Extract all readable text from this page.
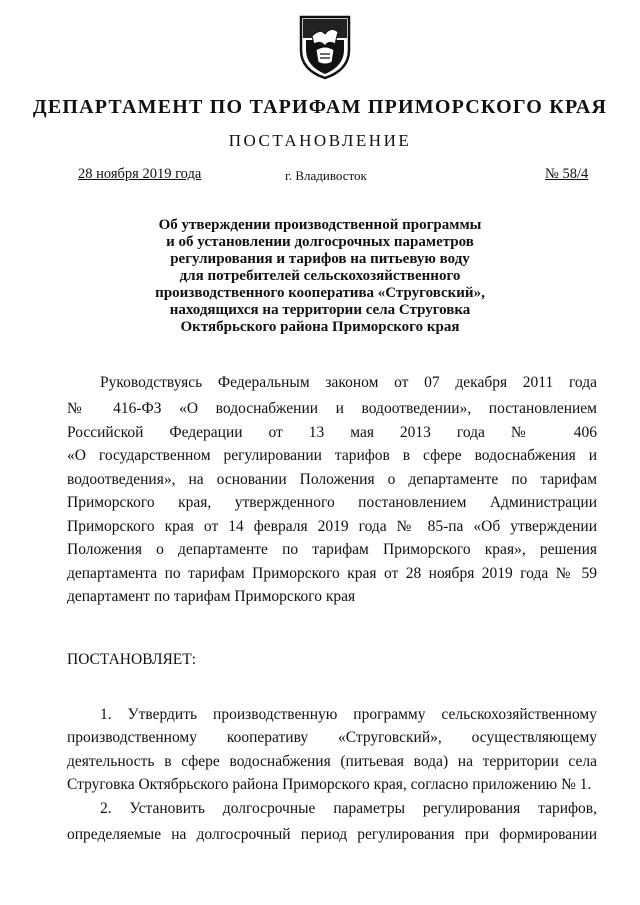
ДЕПАРТАМЕНТ ПО ТАРИФАМ ПРИМОРСКОГО КРАЯ
ПОСТАНОВЛЕНИЕ
28 ноября 2019 года	г. Владивосток	№ 58/4
Об утверждении производственной программы
и об установлении долгосрочных параметров
регулирования и тарифов на питьевую воду
для потребителей сельскохозяйственного
производственного кооператива «Струговский»,
находящихся на территории села Струговка
Октябрьского района Приморского края
Руководствуясь Федеральным законом от 07 декабря 2011 года
№ 416-ФЗ «О водоснабжении и водоотведении», постановлением
Российской Федерации от 13 мая 2013 года № 406
«О государственном регулировании тарифов в сфере водоснабжения и
водоотведения», на основании Положения о департаменте по тарифам
Приморского края, утвержденного постановлением Администрации
Приморского края от 14 февраля 2019 года № 85-па «Об утверждении
Положения о департаменте по тарифам Приморского края», решения
департамента по тарифам Приморского края от 28 ноября 2019 года № 59
департамент по тарифам Приморского края
ПОСТАНОВЛЯЕТ:
1. Утвердить производственную программу сельскохозяйственному
производственному кооперативу «Струговский», осуществляющему
деятельность в сфере водоснабжения (питьевая вода) на территории села
Струговка Октябрьского района Приморского края, согласно приложению № 1.
2. Установить долгосрочные параметры регулирования тарифов,
определяемые на долгосрочный период регулирования при формировании
